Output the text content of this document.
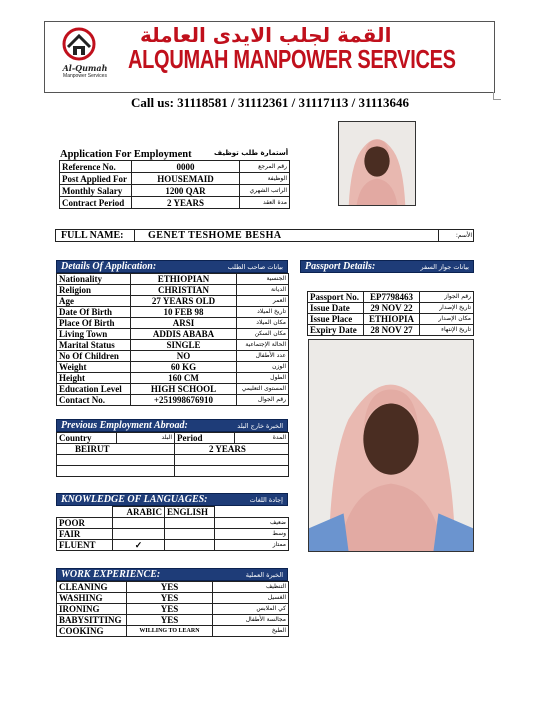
Al-Qumah
Manpower Services
القمة لجلب الايدى العاملة
ALQUMAH MANPOWER SERVICES
Call us: 31118581 / 31112361 / 31117113 / 31113646
Application For Employment	أستمارة طلب توظيف
Reference No.	0000	رقم المرجع
Post Applied For	HOUSEMAID	الوظيفة
Monthly Salary	1200 QAR	الراتب الشهري
Contract Period	2 YEARS	مدة العقد
FULL NAME: GENET TESHOME BESHA	الأسم:
Details Of Application:	بيانات صاحب الطلب
Nationality	ETHIOPIAN	الجنسية
Religion	CHRISTIAN	الديانة
Age	27 YEARS OLD	العمر
Date Of Birth	10 FEB 98	تاريخ الميلاد
Place Of Birth	ARSI	مكان الميلاد
Living Town	ADDIS ABABA	مكان السكن
Marital Status	SINGLE	الحالة الإجتماعية
No Of Children	NO	عدد الأطفال
Weight	60 KG	الوزن
Height	160 CM	الطول
Education Level	HIGH SCHOOL	المستوى التعليمي
Contact No.	+251998676910	رقم الجوال
Passport Details:	بيانات جواز السفر
Passport No.	EP7798463	رقم الجواز
Issue Date	29 NOV 22	تاريخ الإصدار
Issue Place	ETHIOPIA	مكان الإصدار
Expiry Date	28 NOV 27	تاريخ الإنتهاء
Previous Employment Abroad:	الخبرة خارج البلد
Country	البلد	Period	المدة
BEIRUT		2 YEARS	

KNOWLEDGE OF LANGUAGES:	إجادة اللغات
	ARABIC	ENGLISH	
POOR			ضعيف
FAIR			وسط
FLUENT	✓		ممتاز
WORK EXPERIENCE:	الخبرة العملية
CLEANING	YES	التنظيف
WASHING	YES	الغسيل
IRONING	YES	كي الملابس
BABYSITTING	YES	مجالسة الأطفال
COOKING	WILLING TO LEARN	الطبخ
